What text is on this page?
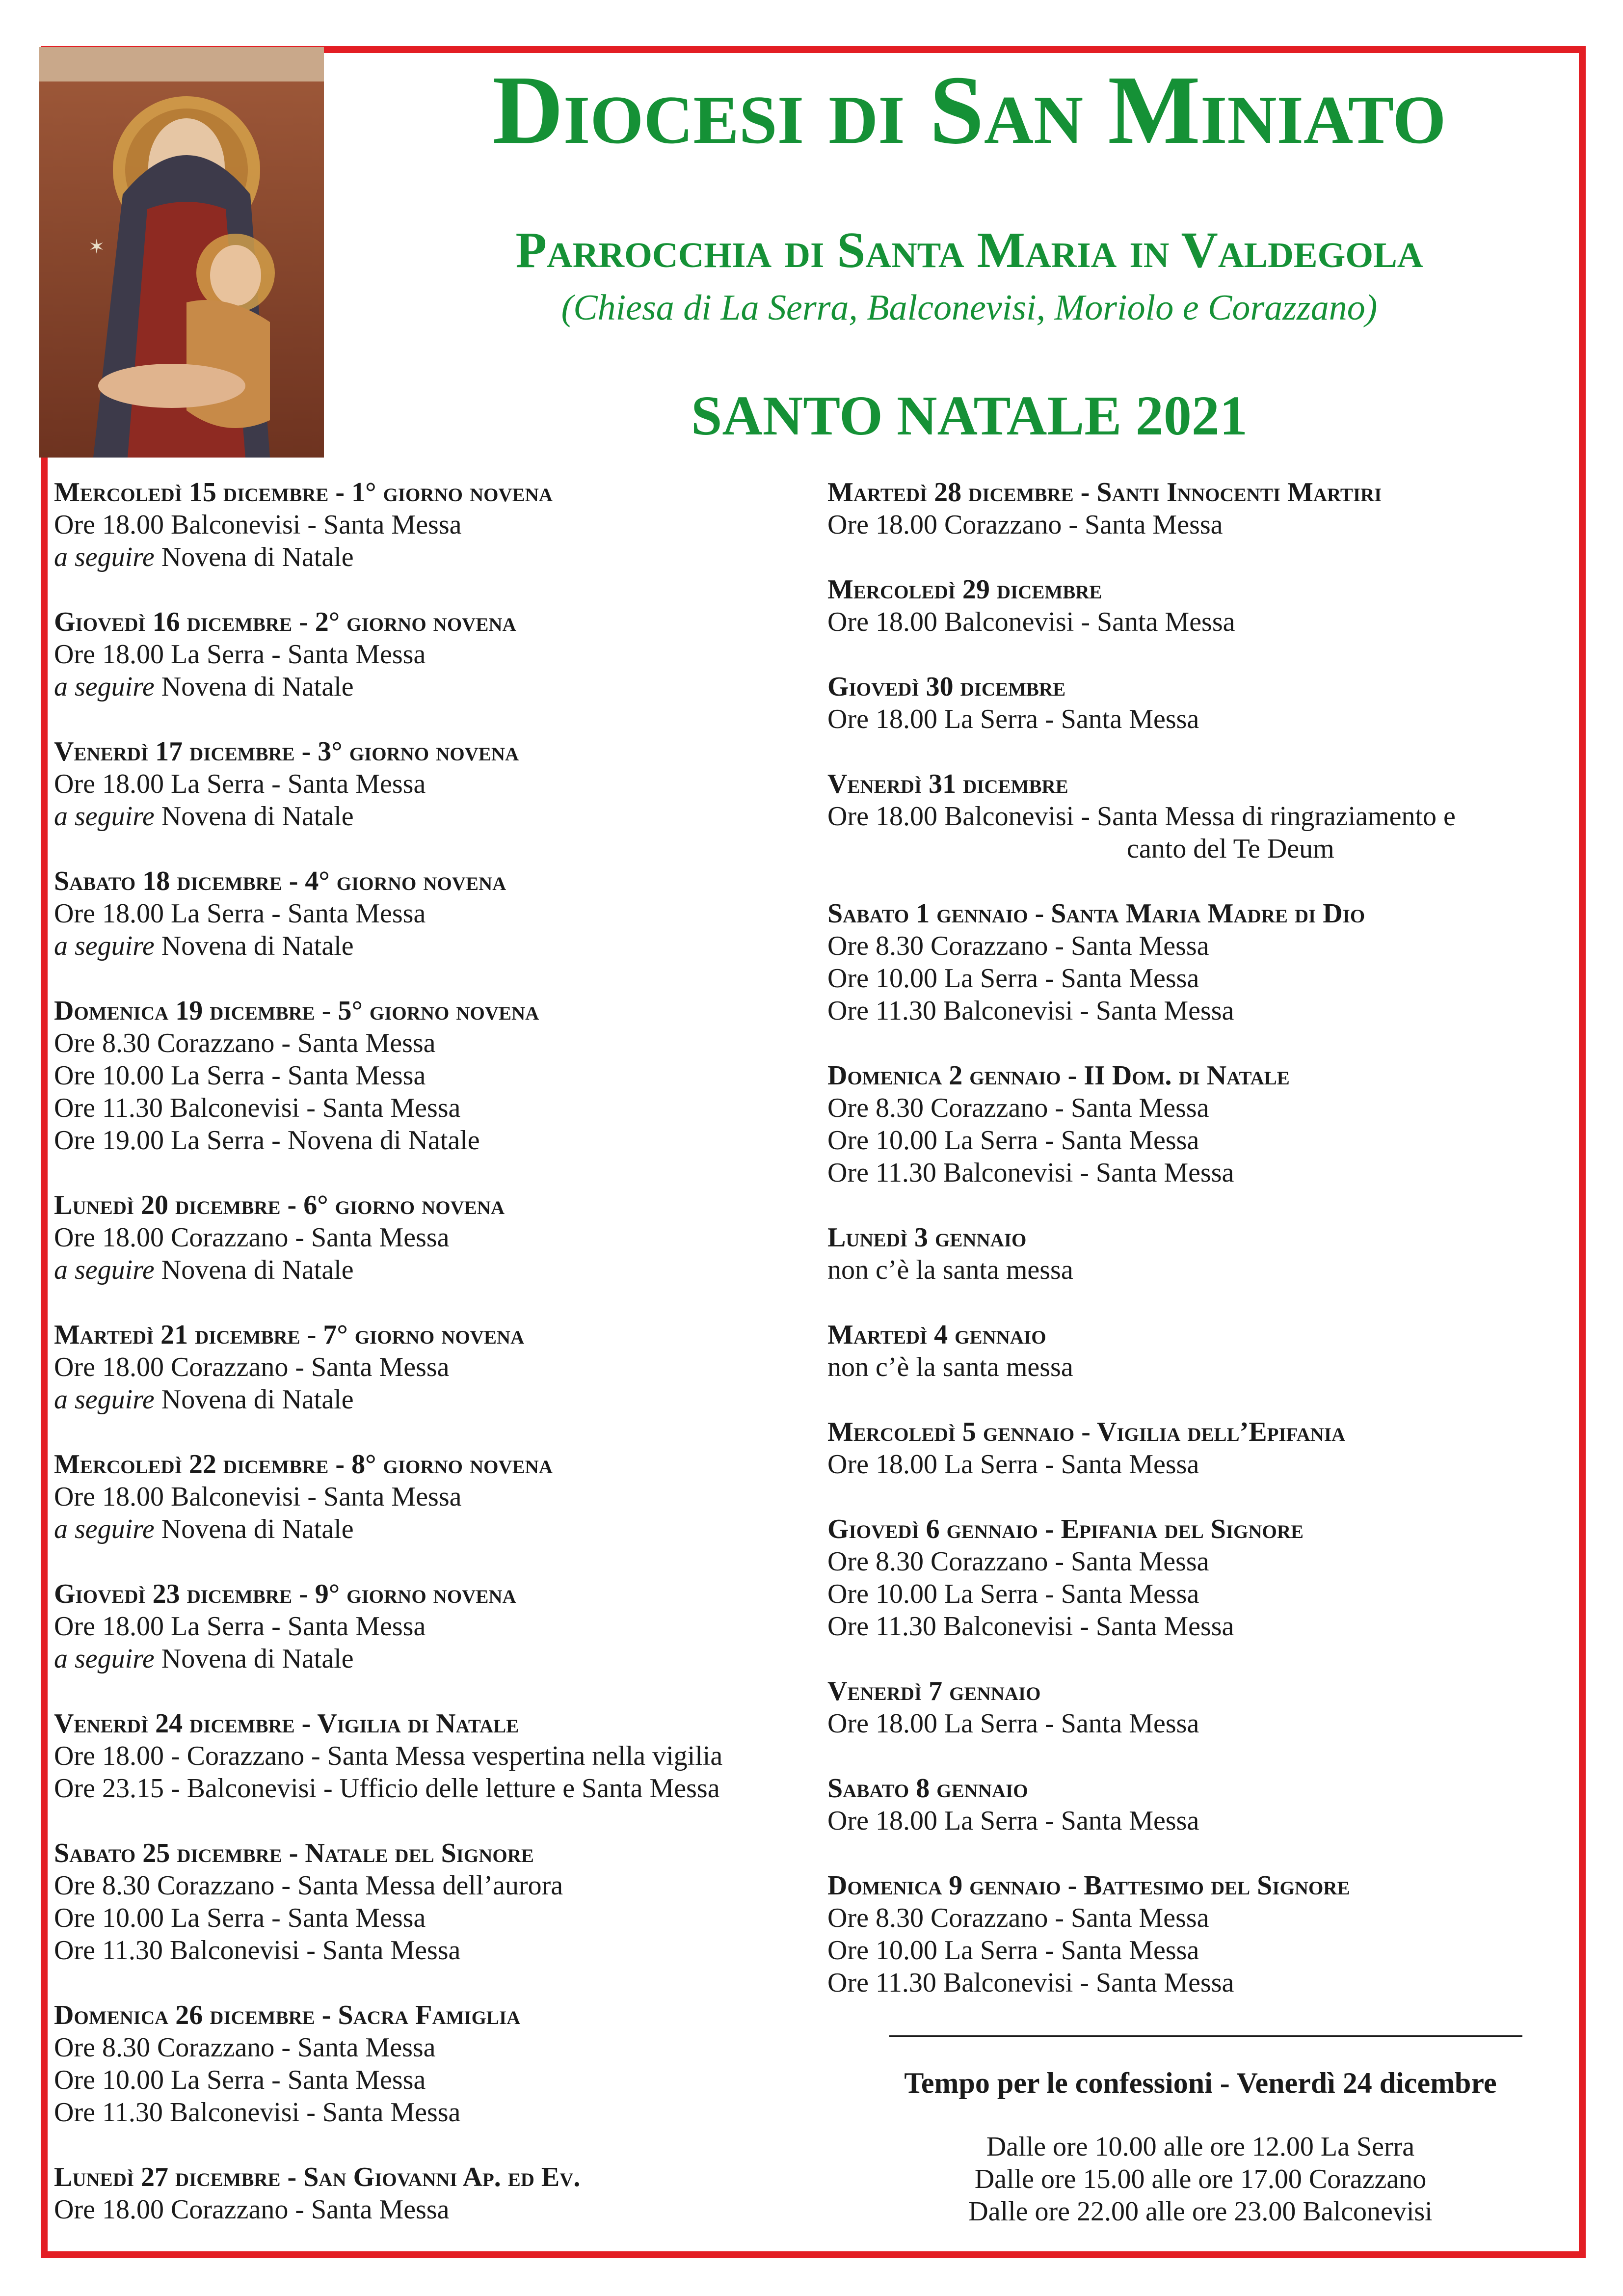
✶
Diocesi di San Miniato
Parrocchia di Santa Maria in Valdegola
(Chiesa di La Serra, Balconevisi, Moriolo e Corazzano)
SANTO NATALE 2021
Mercoledì 15 dicembre - 1° giorno novena
Ore 18.00 Balconevisi - Santa Messa
a seguire Novena di Natale
Giovedì 16 dicembre - 2° giorno novena
Ore 18.00 La Serra - Santa Messa
a seguire Novena di Natale
Venerdì 17 dicembre - 3° giorno novena
Ore 18.00 La Serra - Santa Messa
a seguire Novena di Natale
Sabato 18 dicembre - 4° giorno novena
Ore 18.00 La Serra - Santa Messa
a seguire Novena di Natale
Domenica 19 dicembre - 5° giorno novena
Ore 8.30 Corazzano - Santa Messa
Ore 10.00 La Serra - Santa Messa
Ore 11.30 Balconevisi - Santa Messa
Ore 19.00 La Serra - Novena di Natale
Lunedì 20 dicembre - 6° giorno novena
Ore 18.00 Corazzano - Santa Messa
a seguire Novena di Natale
Martedì 21 dicembre - 7° giorno novena
Ore 18.00 Corazzano - Santa Messa
a seguire Novena di Natale
Mercoledì 22 dicembre - 8° giorno novena
Ore 18.00 Balconevisi - Santa Messa
a seguire Novena di Natale
Giovedì 23 dicembre - 9° giorno novena
Ore 18.00 La Serra - Santa Messa
a seguire Novena di Natale
Venerdì 24 dicembre - Vigilia di Natale
Ore 18.00 - Corazzano - Santa Messa vespertina nella vigilia
Ore 23.15 - Balconevisi - Ufficio delle letture e Santa Messa
Sabato 25 dicembre - Natale del Signore
Ore 8.30 Corazzano - Santa Messa dell’aurora
Ore 10.00 La Serra - Santa Messa
Ore 11.30 Balconevisi - Santa Messa
Domenica 26 dicembre - Sacra Famiglia
Ore 8.30 Corazzano - Santa Messa
Ore 10.00 La Serra - Santa Messa
Ore 11.30 Balconevisi - Santa Messa
Lunedì 27 dicembre - San Giovanni Ap. ed Ev.
Ore 18.00 Corazzano - Santa Messa
Martedì 28 dicembre - Santi Innocenti Martiri
Ore 18.00 Corazzano - Santa Messa
Mercoledì 29 dicembre
Ore 18.00 Balconevisi - Santa Messa
Giovedì 30 dicembre
Ore 18.00 La Serra - Santa Messa
Venerdì 31 dicembre
Ore 18.00 Balconevisi - Santa Messa di ringraziamento e
canto del Te Deum
Sabato 1 gennaio - Santa Maria Madre di Dio
Ore 8.30 Corazzano - Santa Messa
Ore 10.00 La Serra - Santa Messa
Ore 11.30 Balconevisi - Santa Messa
Domenica 2 gennaio - II Dom. di Natale
Ore 8.30 Corazzano - Santa Messa
Ore 10.00 La Serra - Santa Messa
Ore 11.30 Balconevisi - Santa Messa
Lunedì 3 gennaio
non c’è la santa messa
Martedì 4 gennaio
non c’è la santa messa
Mercoledì 5 gennaio - Vigilia dell’Epifania
Ore 18.00 La Serra - Santa Messa
Giovedì 6 gennaio - Epifania del Signore
Ore 8.30 Corazzano - Santa Messa
Ore 10.00 La Serra - Santa Messa
Ore 11.30 Balconevisi - Santa Messa
Venerdì 7 gennaio
Ore 18.00 La Serra - Santa Messa
Sabato 8 gennaio
Ore 18.00 La Serra - Santa Messa
Domenica 9 gennaio - Battesimo del Signore
Ore 8.30 Corazzano - Santa Messa
Ore 10.00 La Serra - Santa Messa
Ore 11.30 Balconevisi - Santa Messa
Tempo per le confessioni - Venerdì 24 dicembre
Dalle ore 10.00 alle ore 12.00 La Serra
Dalle ore 15.00 alle ore 17.00 Corazzano
Dalle ore 22.00 alle ore 23.00 Balconevisi
